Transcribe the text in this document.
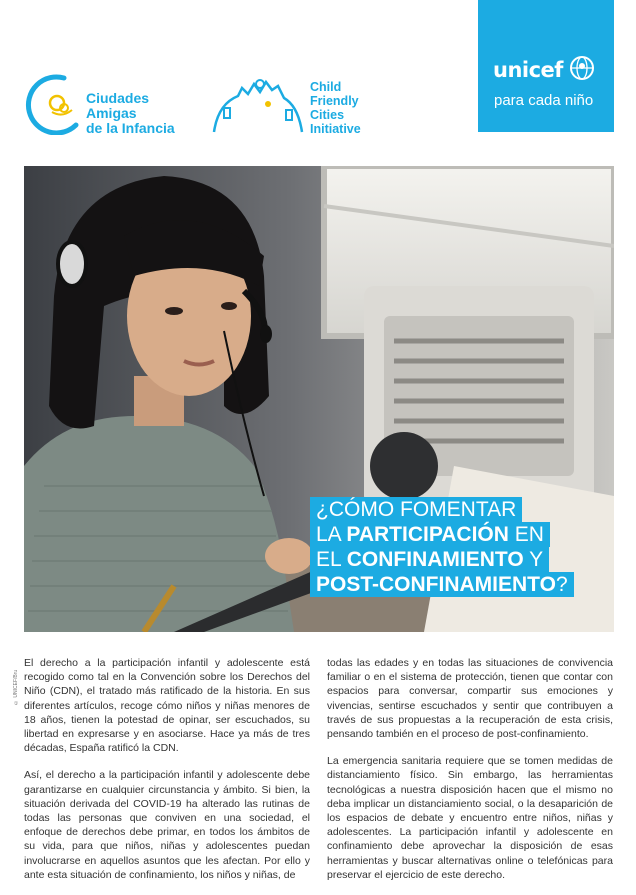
Ciudades
Amigas
de la Infancia
Child
Friendly
Cities
Initiative
unicef
para cada niño
© UNICEF/Bru
¿CÓMO FOMENTAR
LA PARTICIPACIÓN EN
EL CONFINAMIENTO Y
POST-CONFINAMIENTO?

El derecho a la participación infantil y adolescente está recogido como tal en la Convención sobre los Derechos del Niño (CDN), el tratado más ratificado de la historia. En sus diferentes artículos, recoge cómo niños y niñas menores de 18 años, tienen la potestad de opinar, ser escuchados, su libertad en expresarse y en asociarse. Hace ya más de tres décadas, España ratificó la CDN.

Así, el derecho a la participación infantil y adolescente debe garantizarse en cualquier circunstancia y ámbito. Si bien, la situación derivada del COVID-19 ha alterado las rutinas de todas las personas que conviven en una sociedad, el enfoque de derechos debe primar, en todos los ámbitos de su vida, para que niños, niñas y adolescentes puedan involucrarse en aquellos asuntos que les afectan. Por ello y ante esta situación de confinamiento, los niños y niñas, de

todas las edades y en todas las situaciones de convivencia familiar o en el sistema de protección, tienen que contar con espacios para conversar, compartir sus emociones y vivencias, sentirse escuchados y sentir que contribuyen a través de sus propuestas a la recuperación de esta crisis, pensando también en el proceso de post-confinamiento.

La emergencia sanitaria requiere que se tomen medidas de distanciamiento físico. Sin embargo, las herramientas tecnológicas a nuestra disposición hacen que el mismo no deba implicar un distanciamiento social, o la desaparición de los espacios de debate y encuentro entre niños, niñas y adolescentes. La participación infantil y adolescente en confinamiento debe aprovechar la disposición de esas herramientas y buscar alternativas online o telefónicas para preservar el ejercicio de este derecho.
